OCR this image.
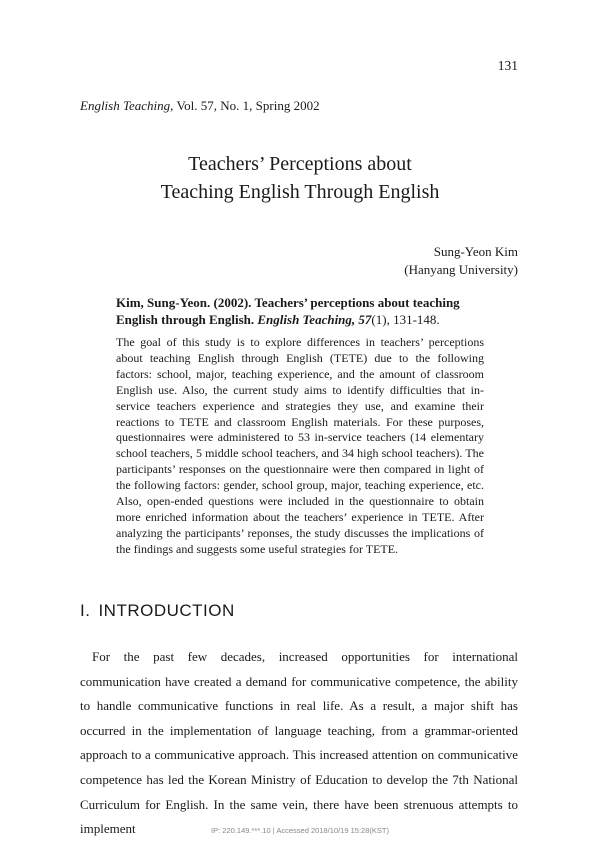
131
English Teaching, Vol. 57, No. 1, Spring 2002
Teachers’ Perceptions about
Teaching English Through English
Sung-Yeon Kim
(Hanyang University)
Kim, Sung-Yeon. (2002). Teachers’ perceptions about teaching English through English. English Teaching, 57(1), 131-148.
The goal of this study is to explore differences in teachers’ perceptions about teaching English through English (TETE) due to the following factors: school, major, teaching experience, and the amount of classroom English use. Also, the current study aims to identify difficulties that in-service teachers experience and strategies they use, and examine their reactions to TETE and classroom English materials. For these purposes, questionnaires were administered to 53 in-service teachers (14 elementary school teachers, 5 middle school teachers, and 34 high school teachers). The participants’ responses on the questionnaire were then compared in light of the following factors: gender, school group, major, teaching experience, etc. Also, open-ended questions were included in the questionnaire to obtain more enriched information about the teachers’ experience in TETE. After analyzing the participants’ reponses, the study discusses the implications of the findings and suggests some useful strategies for TETE.
I. INTRODUCTION
For the past few decades, increased opportunities for international communication have created a demand for communicative competence, the ability to handle communicative functions in real life. As a result, a major shift has occurred in the implementation of language teaching, from a grammar-oriented approach to a communicative approach. This increased attention on communicative competence has led the Korean Ministry of Education to develop the 7th National Curriculum for English. In the same vein, there have been strenuous attempts to implement	IP: 220.149.***.10 | Accessed 2018/10/19 15:28(KST)
